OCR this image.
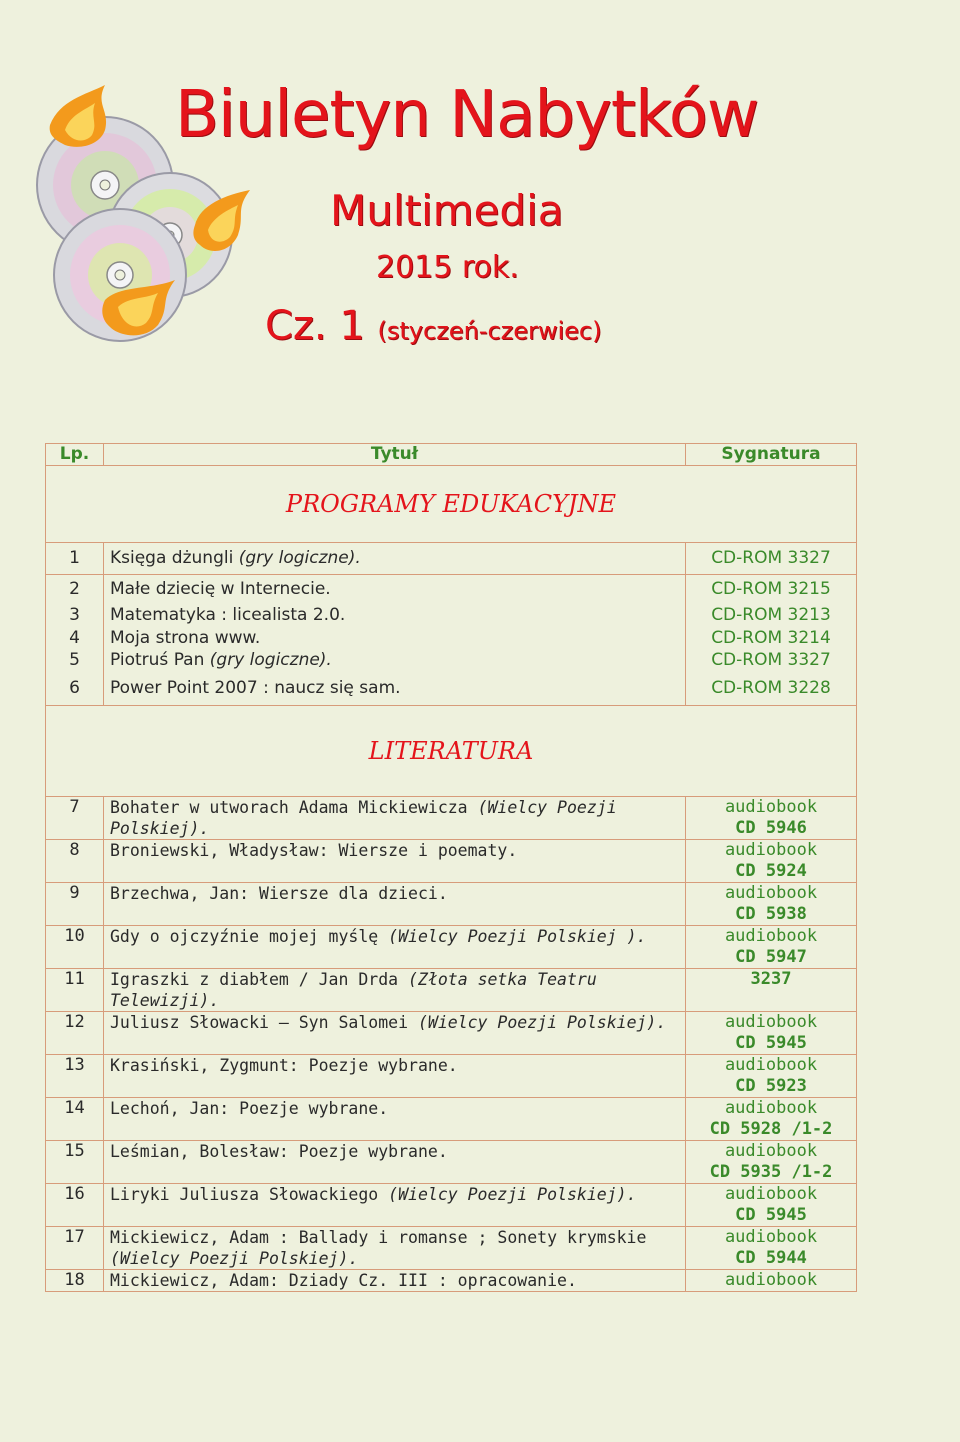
Biuletyn Nabytków
Multimedia
2015 rok.
Cz. 1 (styczeń-czerwiec)
Lp.	Tytuł	Sygnatura
PROGRAMY EDUKACYJNE		
1	Księga dżungli (gry logiczne).	CD-ROM 3327
2	Małe dziecię w Internecie.	CD-ROM 3215
3	Matematyka : licealista 2.0.	CD-ROM 3213
4	Moja strona www.	CD-ROM 3214
5	Piotruś Pan (gry logiczne).	CD-ROM 3327
6	Power Point 2007 : naucz się sam.	CD-ROM 3228
LITERATURA		
7	Bohater w utworach Adama Mickiewicza (Wielcy Poezji Polskiej).	audiobook
CD 5946

8	Broniewski, Władysław: Wiersze i poematy.	audiobook
CD 5924

9	Brzechwa, Jan: Wiersze dla dzieci.	audiobook
CD 5938

10	Gdy o ojczyźnie mojej myślę (Wielcy Poezji Polskiej ).	audiobook
CD 5947

11	Igraszki z diabłem / Jan Drda (Złota setka Teatru Telewizji).	3237

12	Juliusz Słowacki – Syn Salomei (Wielcy Poezji Polskiej).	audiobook
CD 5945

13	Krasiński, Zygmunt: Poezje wybrane.	audiobook
CD 5923

14	Lechoń, Jan: Poezje wybrane.	audiobook
CD 5928 /1-2

15	Leśmian, Bolesław: Poezje wybrane.	audiobook
CD 5935 /1-2

16	Liryki Juliusza Słowackiego (Wielcy Poezji Polskiej).	audiobook
CD 5945

17	Mickiewicz, Adam : Ballady i romanse ; Sonety krymskie (Wielcy Poezji Polskiej).	audiobook
CD 5944

18	Mickiewicz, Adam: Dziady Cz. III : opracowanie.	audiobook
